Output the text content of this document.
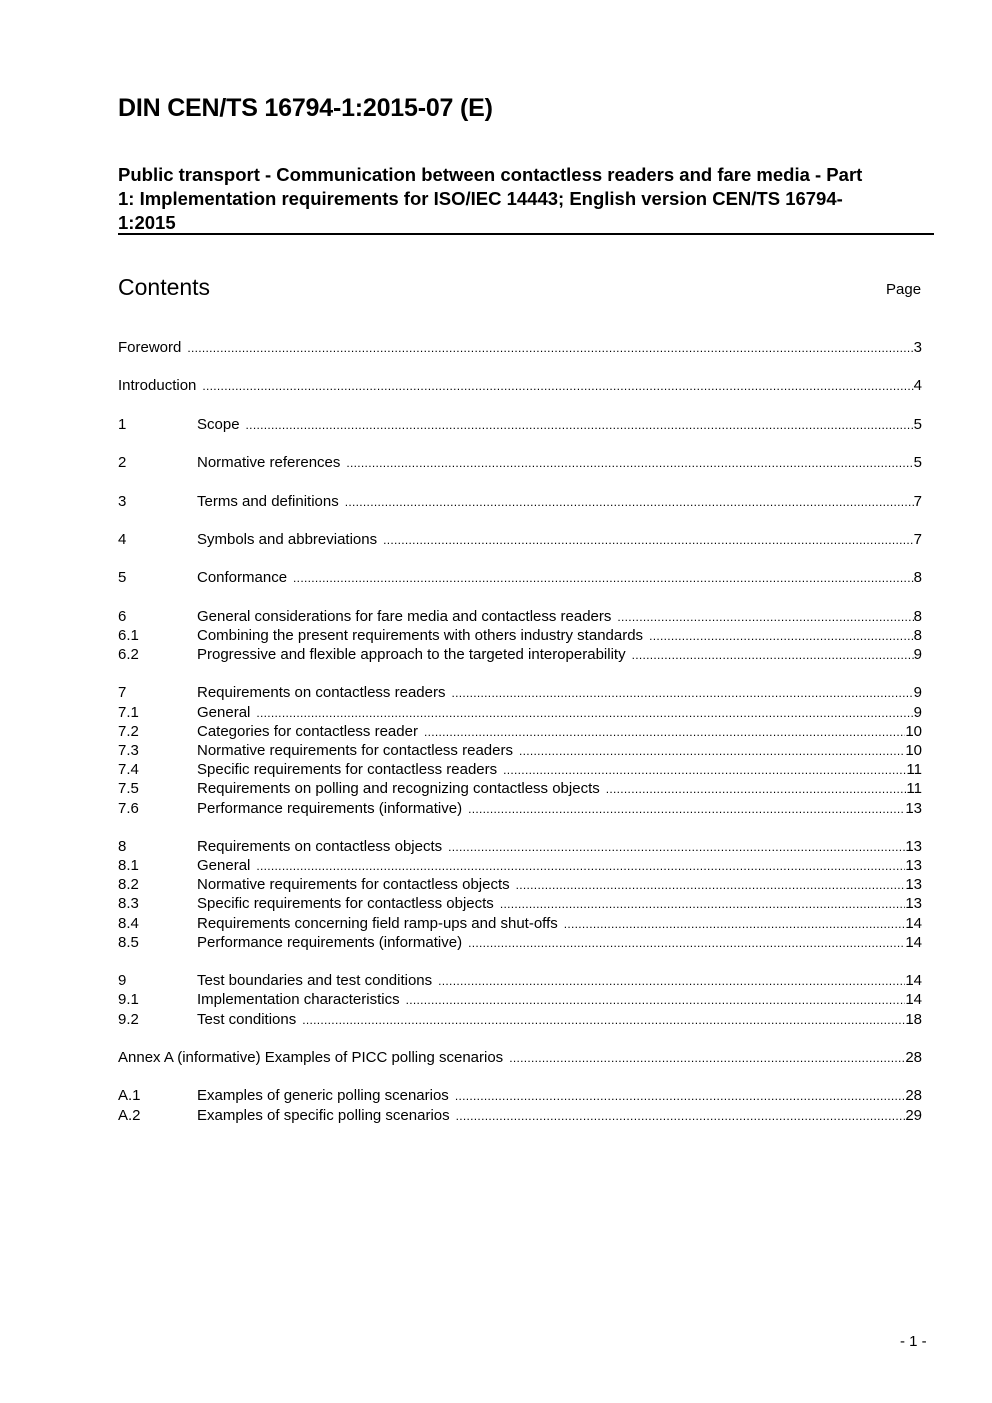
DIN CEN/TS 16794-1:2015-07 (E)
Public transport - Communication between contactless readers and fare media - Part
1: Implementation requirements for ISO/IEC 14443; English version CEN/TS 16794-
1:2015
Contents	Page
Foreword .....	3
Introduction .....	4
1	Scope .....	5
2	Normative references .....	5
3	Terms and definitions .....	7
4	Symbols and abbreviations .....	7
5	Conformance .....	8
6	General considerations for fare media and contactless readers .....	8
6.1	Combining the present requirements with others industry standards .....	8
6.2	Progressive and flexible approach to the targeted interoperability .....	9
7	Requirements on contactless readers .....	9
7.1	General .....	9
7.2	Categories for contactless reader .....	10
7.3	Normative requirements for contactless readers .....	10
7.4	Specific requirements for contactless readers .....	11
7.5	Requirements on polling and recognizing contactless objects .....	11
7.6	Performance requirements (informative) .....	13
8	Requirements on contactless objects .....	13
8.1	General .....	13
8.2	Normative requirements for contactless objects .....	13
8.3	Specific requirements for contactless objects .....	13
8.4	Requirements concerning field ramp-ups and shut-offs .....	14
8.5	Performance requirements (informative) .....	14
9	Test boundaries and test conditions .....	14
9.1	Implementation characteristics .....	14
9.2	Test conditions .....	18
Annex A (informative) Examples of PICC polling scenarios .....	28
A.1	Examples of generic polling scenarios .....	28
A.2	Examples of specific polling scenarios .....	29
- 1 -
